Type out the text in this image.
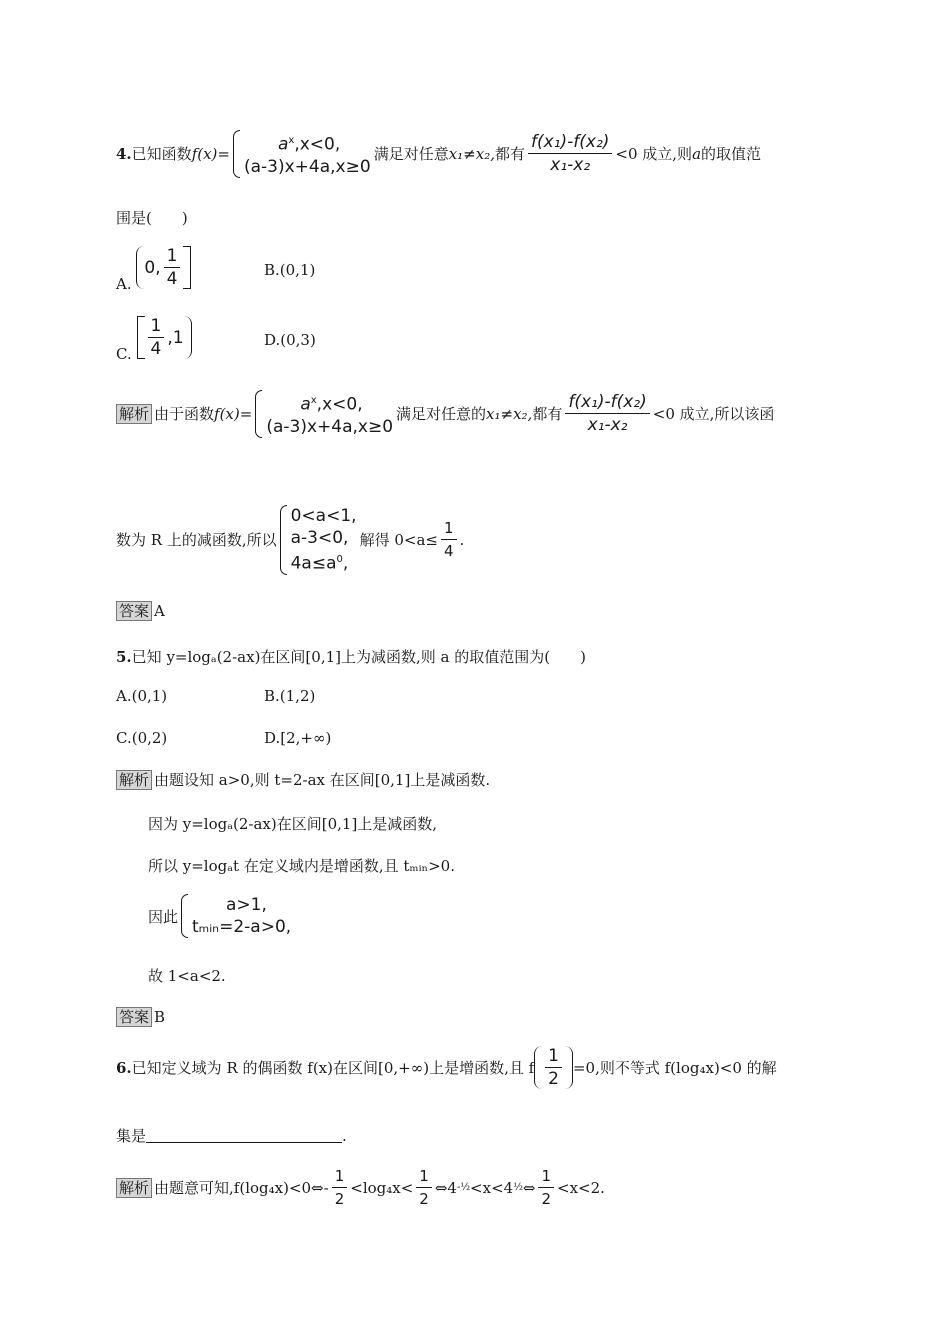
4. 已知函数 f(x) =	$a^x,x<0$,
(a-3)x+4a,x≥0
满足对任意 x₁≠x₂, 都有 $\frac{\text{f(x₁)-f(x₂)}}{\text{x₁-x₂}} <0$ 成立,则 a 的取值范
围是(　　)
A.
0, $\frac{1}{4}$	B.(0,1)
C. $\frac{1}{4} ,1$	D.(0,3)
解析 由于函数 f(x) =	$a^x,x<0$,
(a-3)x+4a,x≥0
满足对任意的 x₁≠x₂, 都有 $\frac{\text{f(x₁)-f(x₂)}}{\text{x₁-x₂}} <0$ 成立,所以该函
数为 R 上的减函数,所以
0<a<1,
a-3<0,
$4a\le a^0$,
解得 $0<a\le \frac{1}{4}$ .
答案 A
5. 已知 y=logₐ(2-ax)在区间[0,1]上为减函数,则 a 的取值范围为(　　)
A.(0,1)	B.(1,2)
C.(0,2)	D.[2,+∞)
解析 由题设知 a>0,则 t=2-ax 在区间[0,1]上是减函数.
因为 y=logₐ(2-ax)在区间[0,1]上是减函数,
所以 y=logₐt 在定义域内是增函数,且 tₘᵢₙ>0.
因此
a>1,
tₘᵢₙ=2-a>0,
故 1<a<2.
答案 B
6. 已知定义域为 R 的偶函数 f(x)在区间[0,+∞)上是增函数,且 f $\frac{1}{2} =0$,则不等式 f(log₄x)<0 的解
集是	.
解析 由题意可知,f(log₄x)<0⇔- $\frac{1}{2} <\log_4x< \frac{1}{2}$ ⇔4 -½ <x<4 ½ ⇔ $\frac{1}{2} <x<2$.
